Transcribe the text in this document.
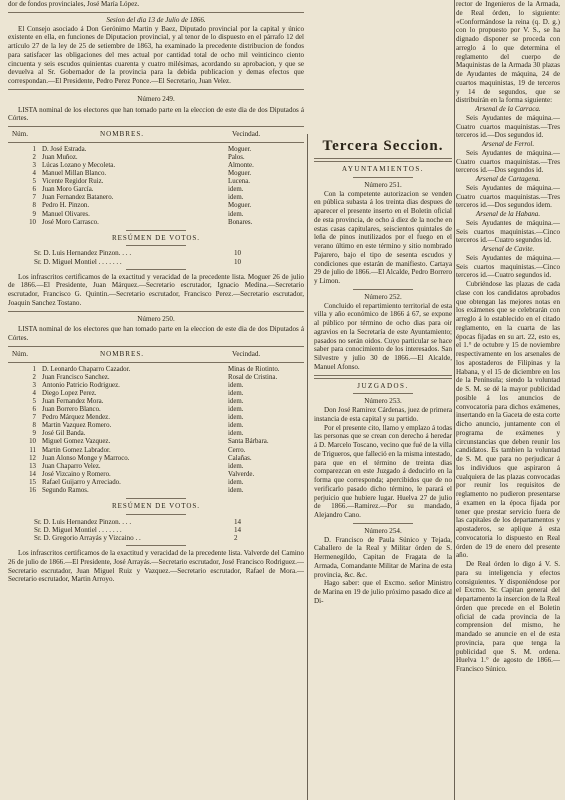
dor de fondos provinciales, José María López.

Sesion del dia 13 de Julio de 1866.

El Consejo asociado á Don Gerónimo Martin y Baez, Diputado provincial por la capital y único existente en ella, en funciones de Diputacion provincial, y al tenor de lo dispuesto en el párrafo 12 del artículo 27 de la ley de 25 de setiembre de 1863, ha examinado la precedente distribucion de fondos para satisfacer las obligaciones del mes actual por cantidad total de ocho mil veinticinco ciento cincuenta y seis escudos quinientas cuarenta y cuatro milésimas, acordando su aprobacion, y que se devuelva al Sr. Gobernador de la provincia para la debida publicacion y demas efectos que correspondan.—El Presidente, Pedro Perez Ponce.—El Secretario, Juan Velez.

Número 249.

LISTA nominal de los electores que han tomado parte en la eleccion de este dia de dos Diputados á Córtes.

Núm.	NOMBRES.	Vecindad.
1 D. José Estrada.	Moguer.
2 Juan Muñoz.	Palos.
3 Lúcas Lozano y Mecoleta.	Almonte.
4 Manuel Millan Blanco.	Moguer.
5 Vicente Regidor Ruiz.	Lucena.
6 Juan Moro García.	idem.
7 Juan Fernandez Batanero.	idem.
8 Pedro H. Pinzon.	Moguer.
9 Manuel Olivares.	idem.
10 José Moro Carrasco.	Bonares.

RESÚMEN DE VOTOS.

Sr. D. Luis Hernandez Pinzon. . . .	10
Sr. D. Miguel Montiel . . . . . . .	10

Los infrascritos certificamos de la exactitud y veracidad de la precedente lista. Moguer 26 de julio de 1866.—El Presidente, Juan Márquez.—Secretario escrutador, Ignacio Medina.—Secretario escrutador, Francisco G. Quintin.—Secretario escrutador, Francisco Perez.—Secretario escrutador, Joaquin Sanchez Tostano.

Número 250.

LISTA nominal de los electores que han tomado parte en la eleccion de este dia de dos Diputados á Córtes.

Núm.	NOMBRES.	Vecindad.
1 D. Leonardo Chaparro Cazador.	Minas de Riotinto.
2 Juan Francisco Sanchez.	Rosal de Cristina.
3 Antonio Patricio Rodriguez.	idem.
4 Diego Lopez Perez.	idem.
5 Juan Fernandez Mora.	idem.
6 Juan Borrero Blanco.	idem.
7 Pedro Márquez Mendez.	idem.
8 Martin Vazquez Romero.	idem.
9 José Gil Banda.	idem.
10 Miguel Gomez Vazquez.	Santa Bárbara.
11 Martin Gomez Labrador.	Cerro.
12 Juan Alonso Monge y Marroco.	Calañas.
13 Juan Chaparro Velez.	idem.
14 José Vizcaino y Romero.	Valverde.
15 Rafael Guijarro y Arreciado.	idem.
16 Segundo Ramos.	idem.

RESÚMEN DE VOTOS.

Sr. D. Luis Hernandez Pinzon. . . .	14
Sr. D. Miguel Montiel . . . . . . .	14
Sr. D. Gregorio Arrayás y Vizcaino . .	2

Los infrascritos certificamos de la exactitud y veracidad de la precedente lista. Valverde del Camino 26 de julio de 1866.—El Presidente, José Arrayás.—Secretario escrutador, José Francisco Rodriguez.—Secretario escrutador, Juan Miguel Ruiz y Vazquez.—Secretario escrutador, Rafael de Mora.—Secretario escrutador, Martin Arroyo.

Tercera Seccion.

AYUNTAMIENTOS.

Número 251.

Con la competente autorizacion se venden en pública subasta á los treinta dias despues de aparecer el presente inserto en el Boletin oficial de esta provincia, de ocho á diez de la noche en estas casas capitulares, seiscientos quintales de leña de pinos inutilizados por el fuego en el verano último en este término y sitio nombrado Pajarero, bajo el tipo de sesenta escudos y condiciones que estarán de manifiesto. Cartaya 29 de julio de 1866.—El Alcalde, Pedro Borrero y Limon.

Número 252.

Concluido el repartimiento territorial de esta villa y año económico de 1866 á 67, se expone al público por término de ocho dias para oir agravios en la Secretaría de este Ayuntamiento; pasados no serán oidos. Cuyo particular se hace saber para conocimiento de los interesados. San Silvestre y julio 30 de 1866.—El Alcalde, Manuel Afonso.

JUZGADOS.

Número 253.

Don José Ramirez Cárdenas, juez de primera instancia de esta capital y su partido.

Por el presente cito, llamo y emplazo á todas las personas que se crean con derecho á heredar á D. Marcelo Toscano, vecino que fué de la villa de Trigueros, que falleció en la misma intestado, para que en el término de treinta dias comparezcan en este Juzgado á deducirlo en la forma que corresponda; apercibidos que de no verificarlo pasado dicho término, le parará el perjuicio que hubiere lugar. Huelva 27 de julio de 1866.—Ramirez.—Por su mandado, Alejandro Cano.

Número 254.

D. Francisco de Paula Súnico y Tejada, Caballero de la Real y Militar órden de S. Hermenegildo, Capitan de Fragata de la Armada, Comandante Militar de Marina de esta provincia, &c. &c.

Hago saber: que el Excmo. señor Ministro de Marina en 19 de julio próximo pasado dice al Di-

rector de Ingenieros de la Armada, de Real órden, lo siguiente: «Conformándose la reina (q. D. g.) con lo propuesto por V. S., se ha dignado disponer se proceda con arreglo á lo que determina el reglamento del cuerpo de Maquinistas de la Armada 30 plazas de Ayudantes de máquina, 24 de cuartos maquinistas, 19 de terceros y 14 de segundos, que se distribuirán en la forma siguiente:

Arsenal de la Carraca.

Seis Ayudantes de máquina.—Cuatro cuartos maquinistas.—Tres terceros id.—Dos segundos id.

Arsenal de Ferrol.

Seis Ayudantes de máquina.—Cuatro cuartos maquinistas.—Tres terceros id.—Dos segundos id.

Arsenal de Cartagena.

Seis Ayudantes de máquina.—Cuatro cuartos maquinistas.—Tres terceros id.—Dos segundos idem.

Arsenal de la Habana.

Seis Ayudantes de máquina.—Seis cuartos maquinistas.—Cinco terceros id.—Cuatro segundos id.

Arsenal de Cavite.

Seis Ayudantes de máquina.—Seis cuartos maquinistas.—Cinco terceros id.—Cuatro segundos id.

Cubriéndose las plazas de cada clase con los candidatos aprobados que obtengan las mejores notas en los exámenes que se celebrarán con arreglo á lo establecido en el citado reglamento, en la cuarta de las épocas fijadas en su art. 22, esto es, el 1.° de octubre y 15 de noviembre respectivamente en los arsenales de los apostaderos de Filipinas y la Habana, y el 15 de diciembre en los de la Península; siendo la voluntad de S. M. se dé la mayor publicidad posible á los anuncios de convocatoria para dichos exámenes, insertando en la Gaceta de esta corte dicho anuncio, juntamente con el programa de exámenes y circunstancias que deben reunir los candidatos. Es tambien la voluntad de S. M. que para no perjudicar á los individuos que aspiraron á cualquiera de las plazas convocadas por reunir los requisitos de reglamento no pudieron presentarse á examen en la época fijada por tener que prestar servicio fuera de las capitales de los departamentos y apostaderos, se aplique á esta convocatoria lo dispuesto en Real órden de 19 de enero del presente año.

De Real órden lo digo á V. S. para su inteligencia y efectos consiguientes. Y disponiéndose por el Excmo. Sr. Capitan general del departamento la insercion de la Real órden que precede en el Boletin oficial de cada provincia de la comprension del mismo, he mandado se anuncie en el de esta provincia, para que tenga la publicidad que S. M. ordena. Huelva 1.° de agosto de 1866.—Francisco Súnico.
